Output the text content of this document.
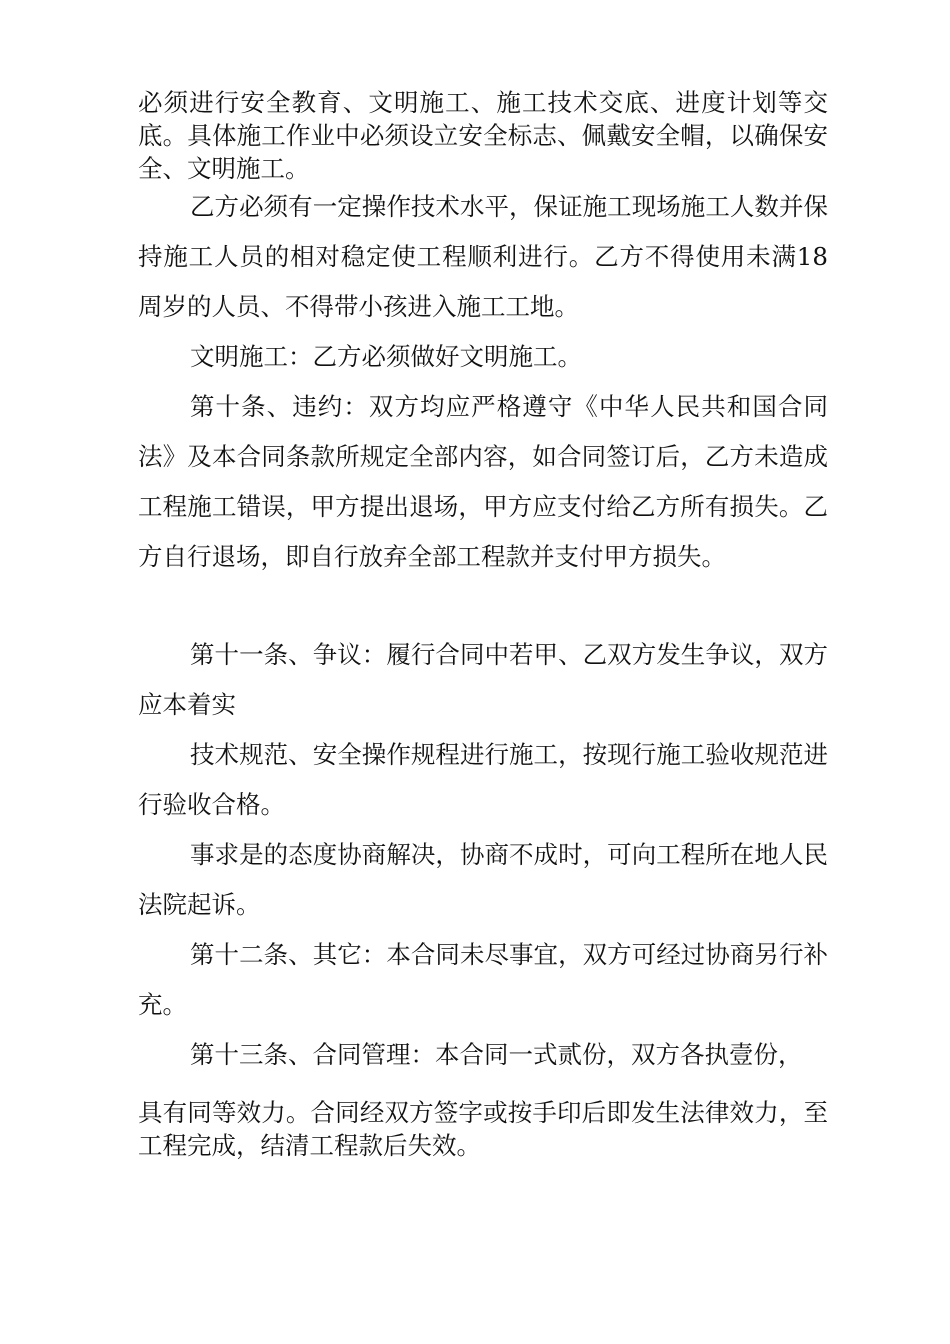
必须进行安全教育、文明施工、施工技术交底、进度计划等交底。具体施工作业中必须设立安全标志、佩戴安全帽，以确保安全、文明施工。

乙方必须有一定操作技术水平，保证施工现场施工人数并保持施工人员的相对稳定使工程顺利进行。乙方不得使用未满18周岁的人员、不得带小孩进入施工工地。

文明施工：乙方必须做好文明施工。

第十条、违约：双方均应严格遵守《中华人民共和国合同法》及本合同条款所规定全部内容，如合同签订后，乙方未造成工程施工错误，甲方提出退场，甲方应支付给乙方所有损失。乙方自行退场，即自行放弃全部工程款并支付甲方损失。

第十一条、争议：履行合同中若甲、乙双方发生争议，双方应本着实

技术规范、安全操作规程进行施工，按现行施工验收规范进行验收合格。

事求是的态度协商解决，协商不成时，可向工程所在地人民法院起诉。

第十二条、其它：本合同未尽事宜，双方可经过协商另行补充。

第十三条、合同管理：本合同一式贰份，双方各执壹份，

具有同等效力。合同经双方签字或按手印后即发生法律效力，至工程完成，结清工程款后失效。
